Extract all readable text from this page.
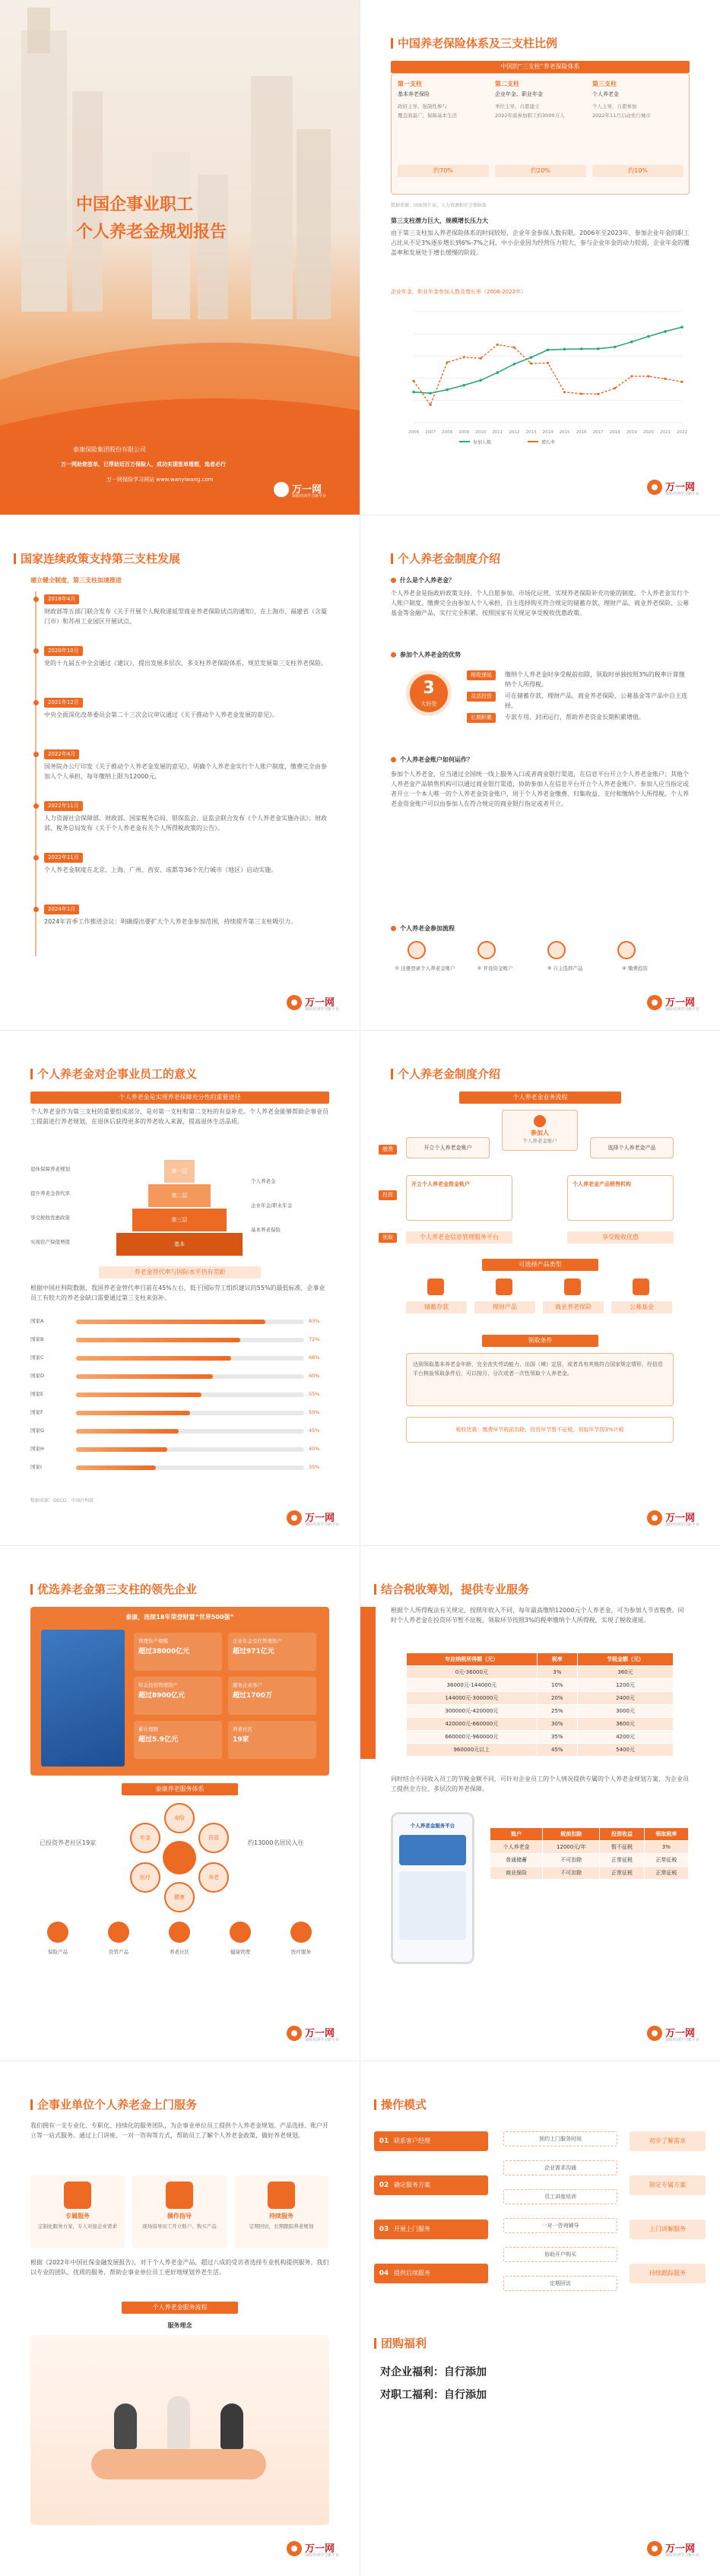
中国企事业职工
个人养老金规划报告
泰康保险集团股份有限公司
万一网助您签单，已帮助近百万保险人，成功实现签单理想，选者必行
万一网保险学习网站 www.wanyiwang.com
万一网
保险培训学习新平台
中国养老保险体系及三支柱比例
中国的“三支柱”养老保险体系
第一支柱
基本养老保险
政府主导，强制性参与
覆盖面最广，保障基本生活
第二支柱
企业年金、职业年金
单位主导，自愿建立
2022年底参加职工约3000万人
第三支柱
个人养老金
个人主导，自愿参加
2022年11月启动先行城市
约70%	约20%	约10%
数据来源：国家统计局、人力资源和社会保障部
第三支柱潜力巨大，规模增长压力大
由于第三支柱加入养老保险体系的时间较短，企业年金参保人数有限。2006年至2023年，参加企业年金的职工占比从不足3%逐步增长到6%-7%之间，中小企业因为经营压力较大，参与企业年金的动力较弱，企业年金的覆盖率和发展处于增长缓慢的阶段。
企业年金、职业年金参加人数及增长率（2006-2022年）
2006 2007 2008 2009 2010 2011 2012 2013 2014 2015 2016 2017 2018 2019 2020 2021 2022
参加人数	增长率
万一网
保险培训学习新平台
国家连续政策支持第三支柱发展
建立健全制度，第三支柱加速推进
2018年4月
财政部等五部门联合发布《关于开展个人税收递延型商业养老保险试点的通知》，在上海市、福建省（含厦门市）和苏州工业园区开展试点。
2020年10月
党的十九届五中全会通过《建议》，提出发展多层次、多支柱养老保险体系，规范发展第三支柱养老保险。
2021年12月
中央全面深化改革委员会第二十三次会议审议通过《关于推动个人养老金发展的意见》。
2022年4月
国务院办公厅印发《关于推动个人养老金发展的意见》，明确个人养老金实行个人账户制度，缴费完全由参加人个人承担，每年缴纳上限为12000元。
2022年11月
人力资源社会保障部、财政部、国家税务总局、银保监会、证监会联合发布《个人养老金实施办法》；财政部、税务总局发布《关于个人养老金有关个人所得税政策的公告》。
2022年11月
个人养老金制度在北京、上海、广州、西安、成都等36个先行城市（地区）启动实施。
2024年1月
2024年首季工作推进会议：明确提出要扩大个人养老金参加范围，持续提升第三支柱吸引力。
万一网
保险培训学习新平台
个人养老金制度介绍
什么是个人养老金？
个人养老金是指政府政策支持、个人自愿参加、市场化运营，实现养老保险补充功能的制度。个人养老金实行个人账户制度，缴费完全由参加人个人承担，自主选择购买符合规定的储蓄存款、理财产品、商业养老保险、公募基金等金融产品，实行完全积累，按照国家有关规定享受税收优惠政策。
参加个人养老金的优势
3
大好处
税收递延	缴纳个人养老金时享受税前扣除，领取时单独按照3%的税率计算缴纳个人所得税。
灵活投资	可在储蓄存款、理财产品、商业养老保险、公募基金等产品中自主选择。
长期积累	专款专用、封闭运行，帮助养老资金长期积累增值。
个人养老金账户如何运作？
参加个人养老金，应当通过全国统一线上服务入口或者商业银行渠道，在信息平台开立个人养老金账户；其他个人养老金产品销售机构可以通过商业银行渠道，协助参加人在信息平台开立个人养老金账户。参加人应当指定或者开立一个本人唯一的个人养老金资金账户，用于个人养老金缴费、归集收益、支付和缴纳个人所得税。个人养老金资金账户可以由参加人在符合规定的商业银行指定或者开立。
个人养老金参加流程
① 注册登录个人养老金账户	② 开设资金账户	③ 自主选择产品	④ 缴费投资
万一网
保险培训学习新平台
个人养老金对企事业员工的意义
个人养老金是实现养老保障充分性的重要途径
个人养老金作为第三支柱的重要组成部分，是对第一支柱和第二支柱的有益补充。个人养老金能够帮助企事业员工提前进行养老规划，在退休后获得更多的养老收入来源，提高退休生活品质。
第一层
第二层
第三层
基本
退休保障养老规划
提升养老金替代率
享受税收优惠政策
实现资产保值增值
个人养老金
企业年金/职业年金
基本养老保险
养老金替代率与国际水平仍有差距
根据中国社科院数据，我国养老金替代率目前在45%左右，低于国际劳工组织建议的55%的最低标准，企事业员工有较大的养老金缺口需要通过第三支柱来弥补。
国家A	83%
国家B	72%
国家C	68%
国家D	60%
国家E	55%
国家F	50%
国家G	45%
国家H	40%
国家I	35%
数据来源：OECD、中国社科院
万一网
保险培训学习新平台
个人养老金制度介绍
个人养老金业务流程
参加人
个人养老金账户
开立个人养老金账户	选择个人养老金产品
开立个人养老金资金账户	个人养老金产品销售机构
个人养老金信息管理服务平台	享受税收优惠
缴费
投资
领取
可选择产品类型
储蓄存款	理财产品	商业养老保险	公募基金
领取条件
达到领取基本养老金年龄、完全丧失劳动能力、出国（境）定居，或者具有其他符合国家规定情形，经信息平台核验领取条件后，可以按月、分次或者一次性领取个人养老金。
税收优惠：缴费环节税前扣除，投资环节暂不征税，领取环节按3%计税
万一网
保险培训学习新平台
优选养老金第三支柱的领先企业
泰康，连续18年荣登财富“世界500强”
管理资产规模
超过38000亿元
企业年金受托管理资产
超过971亿元
年金投资管理资产
超过8900亿元
服务企业客户
超过1700万
累计理赔
超过5.9亿元
养老社区
19家
泰康养老服务体系
寿险
资管
养老
健康
医疗
年金
已投资养老社区19家	约13000名居民入住
保险产品	资管产品	养老社区	健康管理	医疗服务
万一网
保险培训学习新平台
结合税收筹划，提供专业服务
根据个人所得税法有关规定，按照年收入不同，每年最高缴纳12000元个人养老金，可为参加人节省税费。同时个人养老金在投资环节暂不征税，领取环节按照3%的税率缴纳个人所得税，实现了税收递延。
年应纳税所得额（元）	税率	节税金额（元）
0元-36000元	3%	360元
36000元-144000元	10%	1200元
144000元-300000元	20%	2400元
300000元-420000元	25%	3000元
420000元-660000元	30%	3600元
660000元-960000元	35%	4200元
960000元以上	45%	5400元
同时结合不同收入员工的节税金额不同，可针对企业员工的个人情况提供专属的个人养老金规划方案，为企业员工提供全方位、多层次的养老保障。
个人养老金服务平台
账户	税前扣除	投资收益	领取税率
个人养老金	12000元/年	暂不征税	3%
普通储蓄	不可扣除	正常征税	正常征税
商业保险	不可扣除	正常征税	正常征税
万一网
保险培训学习新平台
企事业单位个人养老金上门服务
我们拥有一支专业化、专职化、持续化的服务团队，为企事业单位员工提供个人养老金规划、产品选择、账户开立等一站式服务。通过上门讲座、一对一咨询等方式，帮助员工了解个人养老金政策，做好养老规划。
专属服务
定制化服务方案，专人对接企业需求
操作指导
现场指导员工开立账户、购买产品
持续服务
定期回访，长期跟踪养老规划
根据《2022年中国社保金融发展报告》，对于个人养老金产品，超过八成的受访者选择专业机构提供服务。我们以专业的团队、优质的服务，帮助企事业单位员工更好地规划养老生活。
个人养老金服务流程
服务理念
万一网
保险培训学习新平台
操作模式
01 联系客户经理	初步了解需求
02 确定服务方案	制定专属方案
03 开展上门服务	上门讲解服务
04 提供后续服务	持续跟踪服务
预约上门服务时间
企业需求沟通
员工讲座培训
一对一咨询辅导
协助开户购买
定期回访
团购福利
对企业福利：自行添加
对职工福利：自行添加
万一网
保险培训学习新平台
